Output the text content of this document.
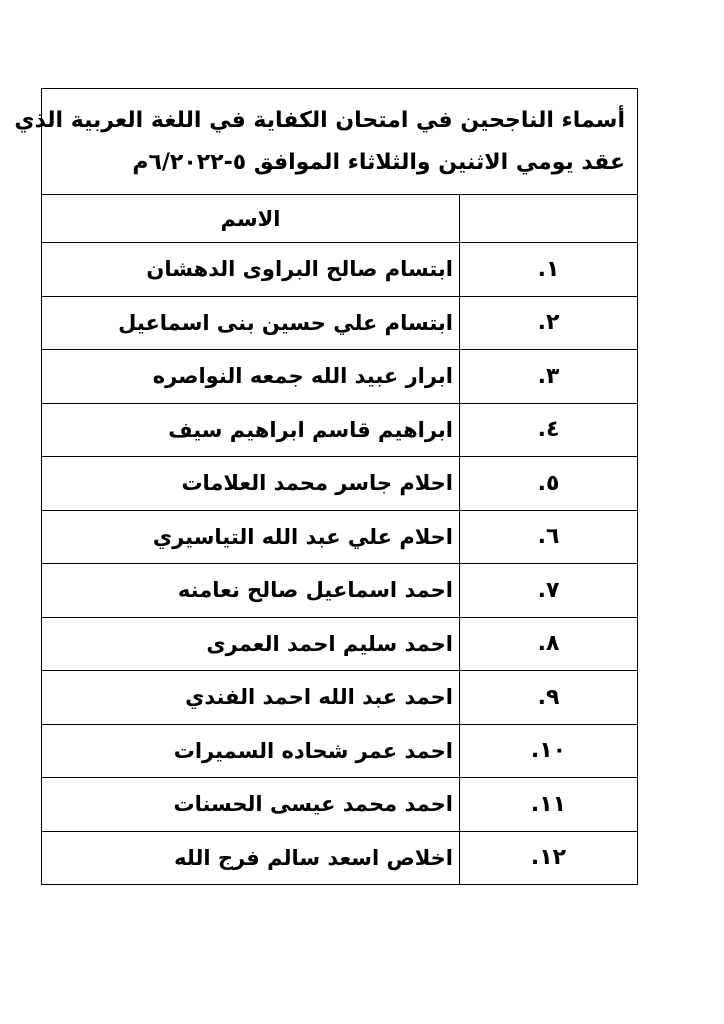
أسماء الناجحين في امتحان الكفاية في اللغة العربية الذي
عقد يومي الاثنين والثلاثاء الموافق ٥-٦/٢٠٢٢م	

	الاسم
١.	ابتسام صالح البراوى الدهشان
٢.	ابتسام علي حسين بنى اسماعيل
٣.	ابرار عبيد الله جمعه النواصره
٤.	ابراهيم قاسم ابراهيم سيف
٥.	احلام جاسر محمد العلامات
٦.	احلام علي عبد الله التياسيري
٧.	احمد اسماعيل صالح نعامنه
٨.	احمد سليم احمد العمرى
٩.	احمد عبد الله احمد الفندي
١٠.	احمد عمر شحاده السميرات
١١.	احمد محمد عيسى الحسنات
١٢.	اخلاص اسعد سالم فرج الله
